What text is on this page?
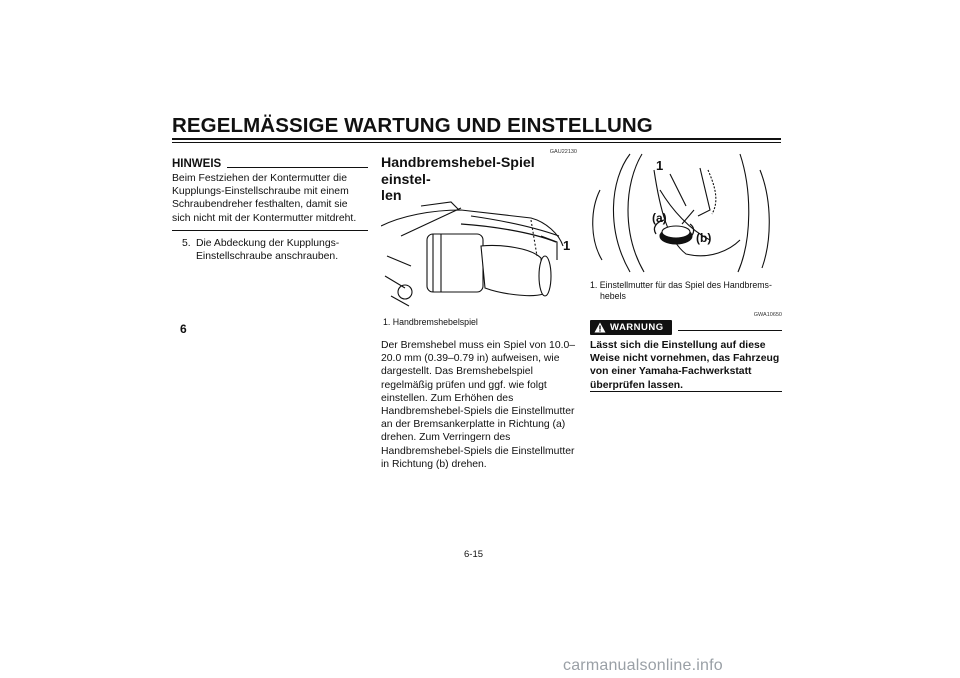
REGELMÄSSIGE WARTUNG UND EINSTELLUNG
6
HINWEIS
Beim Festziehen der Kontermutter die Kupplungs-Einstellschraube mit einem Schraubendreher festhalten, damit sie sich nicht mit der Kontermutter mitdreht.
5. Die Abdeckung der Kupplungs-Einstellschraube anschrauben.
GAU22130
Handbremshebel-Spiel einstel-
len
1
1. Handbremshebelspiel
Der Bremshebel muss ein Spiel von 10.0–20.0 mm (0.39–0.79 in) aufweisen, wie dargestellt. Das Bremshebelspiel regelmäßig prüfen und ggf. wie folgt einstellen. Zum Erhöhen des Handbremshebel-Spiels die Einstellmutter an der Bremsankerplatte in Richtung (a) drehen. Zum Verringern des Handbremshebel-Spiels die Einstellmutter in Richtung (b) drehen.
1
(a)
(b)
1. Einstellmutter für das Spiel des Handbrems-
hebels
GWA10650
WARNUNG
Lässt sich die Einstellung auf diese Weise nicht vornehmen, das Fahrzeug von einer Yamaha-Fachwerkstatt überprüfen lassen.
6-15
carmanualsonline.info
